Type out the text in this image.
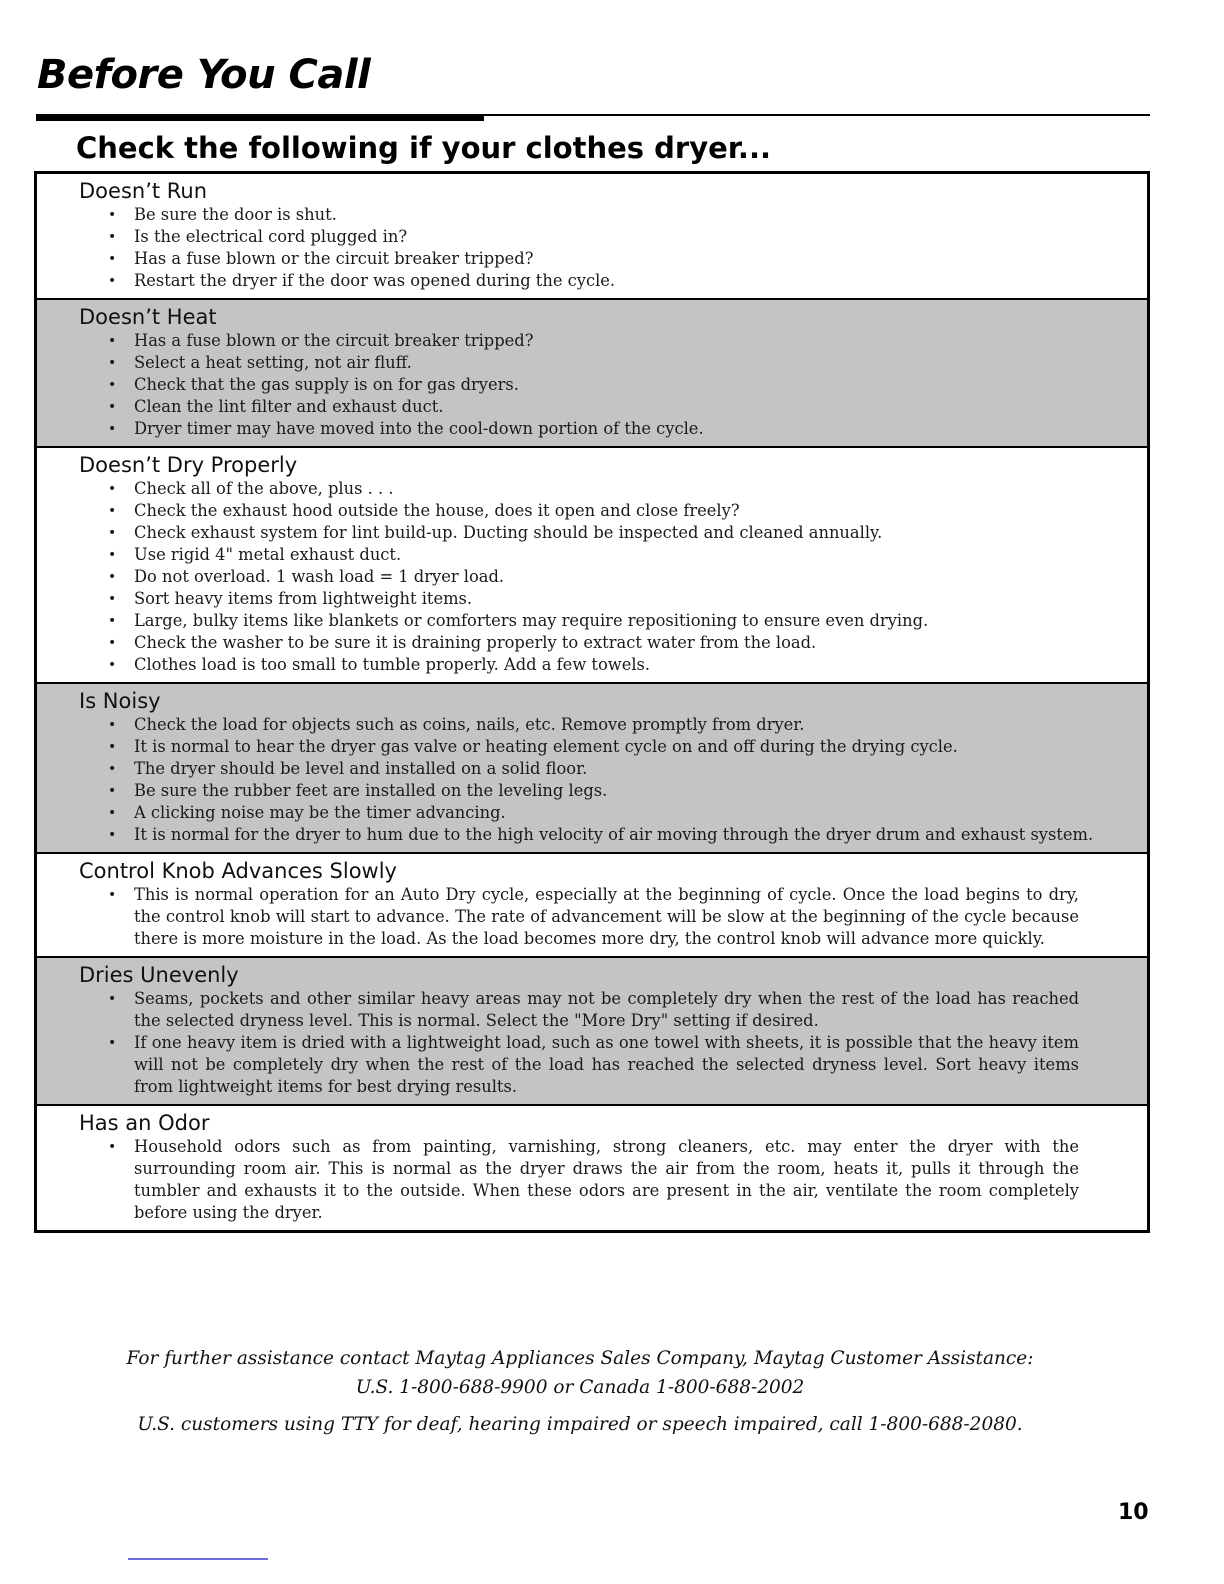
Before You Call
Check the following if your clothes dryer...
Doesn’t Run
• Be sure the door is shut.
• Is the electrical cord plugged in?
• Has a fuse blown or the circuit breaker tripped?
• Restart the dryer if the door was opened during the cycle.
Doesn’t Heat
• Has a fuse blown or the circuit breaker tripped?
• Select a heat setting, not air fluff.
• Check that the gas supply is on for gas dryers.
• Clean the lint filter and exhaust duct.
• Dryer timer may have moved into the cool-down portion of the cycle.
Doesn’t Dry Properly
• Check all of the above, plus . . .
• Check the exhaust hood outside the house, does it open and close freely?
• Check exhaust system for lint build-up. Ducting should be inspected and cleaned annually.
• Use rigid 4" metal exhaust duct.
• Do not overload. 1 wash load = 1 dryer load.
• Sort heavy items from lightweight items.
• Large, bulky items like blankets or comforters may require repositioning to ensure even drying.
• Check the washer to be sure it is draining properly to extract water from the load.
• Clothes load is too small to tumble properly. Add a few towels.
Is Noisy
• Check the load for objects such as coins, nails, etc. Remove promptly from dryer.
• It is normal to hear the dryer gas valve or heating element cycle on and off during the drying cycle.
• The dryer should be level and installed on a solid floor.
• Be sure the rubber feet are installed on the leveling legs.
• A clicking noise may be the timer advancing.
• It is normal for the dryer to hum due to the high velocity of air moving through the dryer drum and exhaust system.
Control Knob Advances Slowly
• This is normal operation for an Auto Dry cycle, especially at the beginning of cycle. Once the load begins to dry, the control knob will start to advance. The rate of advancement will be slow at the beginning of the cycle because there is more moisture in the load. As the load becomes more dry, the control knob will advance more quickly.
Dries Unevenly
• Seams, pockets and other similar heavy areas may not be completely dry when the rest of the load has reached the selected dryness level. This is normal. Select the "More Dry" setting if desired.
• If one heavy item is dried with a lightweight load, such as one towel with sheets, it is possible that the heavy item will not be completely dry when the rest of the load has reached the selected dryness level. Sort heavy items from lightweight items for best drying results.
Has an Odor
• Household odors such as from painting, varnishing, strong cleaners, etc. may enter the dryer with the surrounding room air. This is normal as the dryer draws the air from the room, heats it, pulls it through the tumbler and exhausts it to the outside. When these odors are present in the air, ventilate the room completely before using the dryer.
For further assistance contact Maytag Appliances Sales Company, Maytag Customer Assistance:
U.S. 1-800-688-9900 or Canada 1-800-688-2002
U.S. customers using TTY for deaf, hearing impaired or speech impaired, call 1-800-688-2080.
10
